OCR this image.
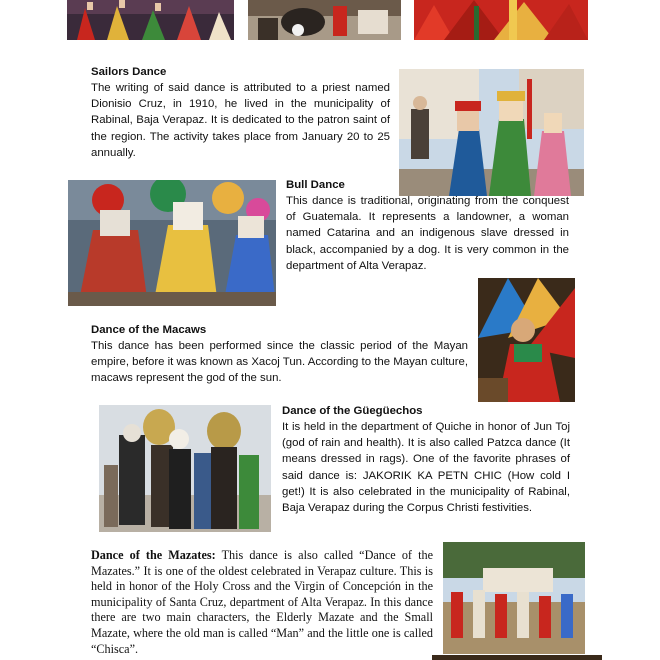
Sailors Dance

The writing of said dance is attributed to a priest named Dionisio Cruz, in 1910, he lived in the municipality of Rabinal, Baja Verapaz. It is dedicated to the patron saint of the region. The activity takes place from January 20 to 25 annually.

Bull Dance

This dance is traditional, originating from the conquest of Guatemala. It represents a landowner, a woman named Catarina and an indigenous slave dressed in black, accompanied by a dog. It is very common in the department of Alta Verapaz.

Dance of the Macaws

This dance has been performed since the classic period of the Mayan empire, before it was known as Xacoj Tun. According to the Mayan culture, macaws represent the god of the sun.

Dance of the Güegüechos

It is held in the department of Quiche in honor of Jun Toj (god of rain and health). It is also called Patzca dance (It means dressed in rags). One of the favorite phrases of said dance is: JAKORIK KA PETN CHIC (How cold I get!) It is also celebrated in the municipality of Rabinal, Baja Verapaz during the Corpus Christi festivities.

Dance of the Mazates: This dance is also called “Dance of the Mazates.” It is one of the oldest celebrated in Verapaz culture. This is held in honor of the Holy Cross and the Virgin of Concepción in the municipality of Santa Cruz, department of Alta Verapaz. In this dance there are two main characters, the Elderly Mazate and the Small Mazate, where the old man is called “Man” and the little one is called “Chisca”.
